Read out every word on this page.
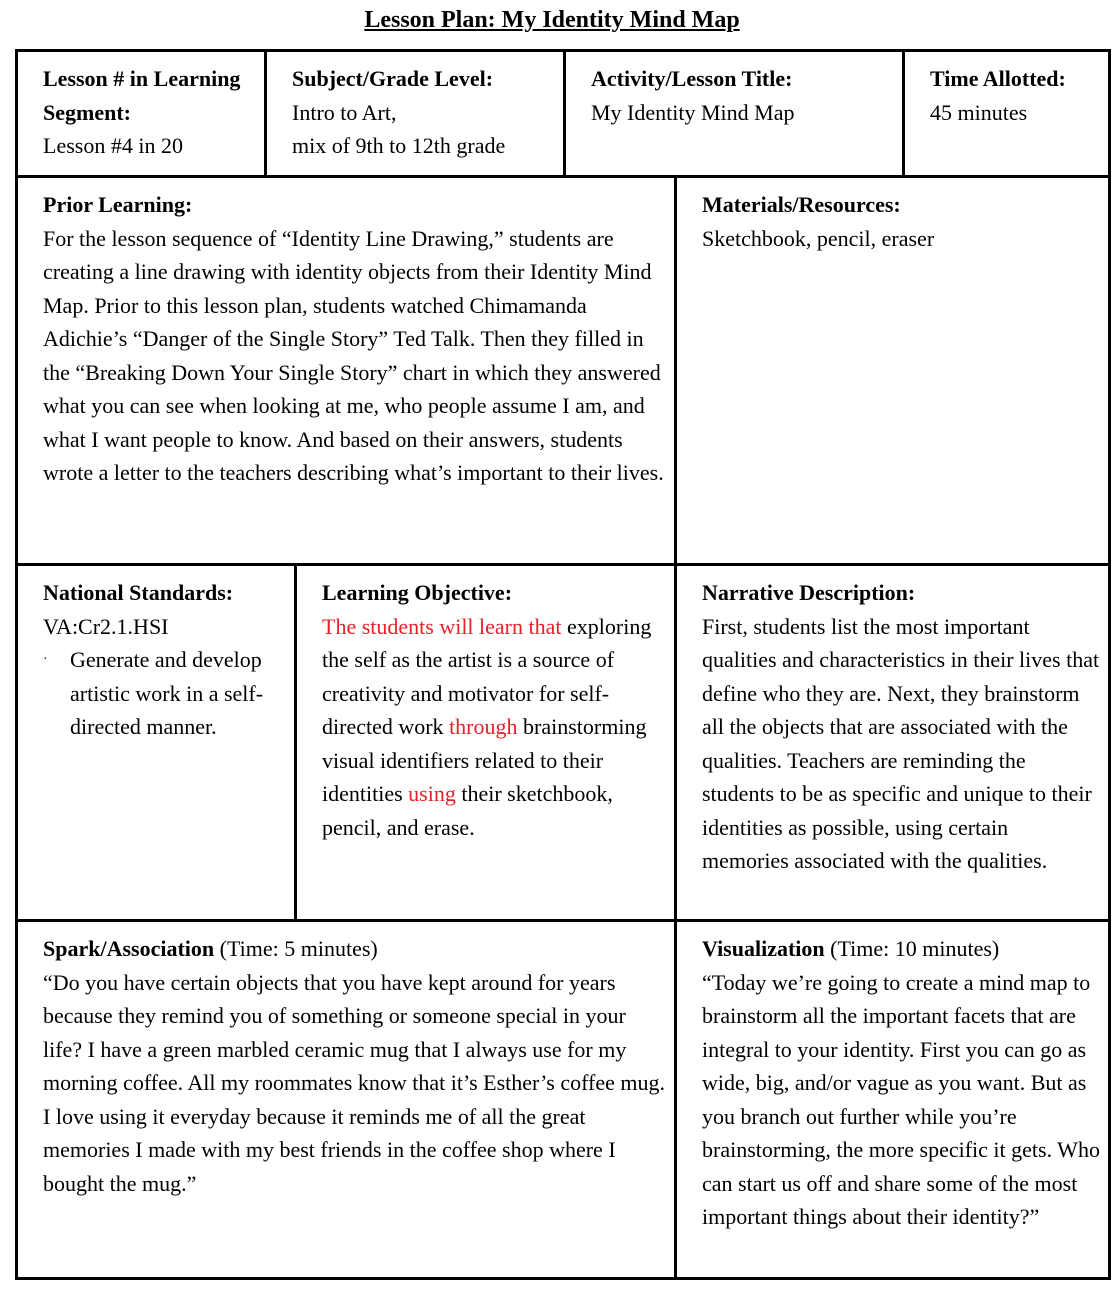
Lesson Plan: My Identity Mind Map

Lesson # in Learning Segment:

Lesson #4 in 20

Subject/Grade Level:

Intro to Art,

mix of 9th to 12th grade

Activity/Lesson Title:

My Identity Mind Map

Time Allotted:

45 minutes

Prior Learning:

For the lesson sequence of “Identity Line Drawing,” students are creating a line drawing with identity objects from their Identity Mind Map. Prior to this lesson plan, students watched Chimamanda Adichie’s “Danger of the Single Story” Ted Talk. Then they filled in the “Breaking Down Your Single Story” chart in which they answered what you can see when looking at me, who people assume I am, and what I want people to know. And based on their answers, students wrote a letter to the teachers describing what’s important to their lives.

Materials/Resources:

Sketchbook, pencil, eraser

National Standards:

VA:Cr2.1.HSI

· Generate and develop artistic work in a self-directed manner.

Learning Objective:

The students will learn that exploring the self as the artist is a source of creativity and motivator for self-directed work through brainstorming visual identifiers related to their identities using their sketchbook, pencil, and erase.

Narrative Description:

First, students list the most important qualities and characteristics in their lives that define who they are. Next, they brainstorm all the objects that are associated with the qualities. Teachers are reminding the students to be as specific and unique to their identities as possible, using certain memories associated with the qualities.

Spark/Association (Time: 5 minutes)

“Do you have certain objects that you have kept around for years because they remind you of something or someone special in your life? I have a green marbled ceramic mug that I always use for my morning coffee. All my roommates know that it’s Esther’s coffee mug. I love using it everyday because it reminds me of all the great memories I made with my best friends in the coffee shop where I bought the mug.”

Visualization (Time: 10 minutes)

“Today we’re going to create a mind map to brainstorm all the important facets that are integral to your identity. First you can go as wide, big, and/or vague as you want. But as you branch out further while you’re brainstorming, the more specific it gets. Who can start us off and share some of the most important things about their identity?”
